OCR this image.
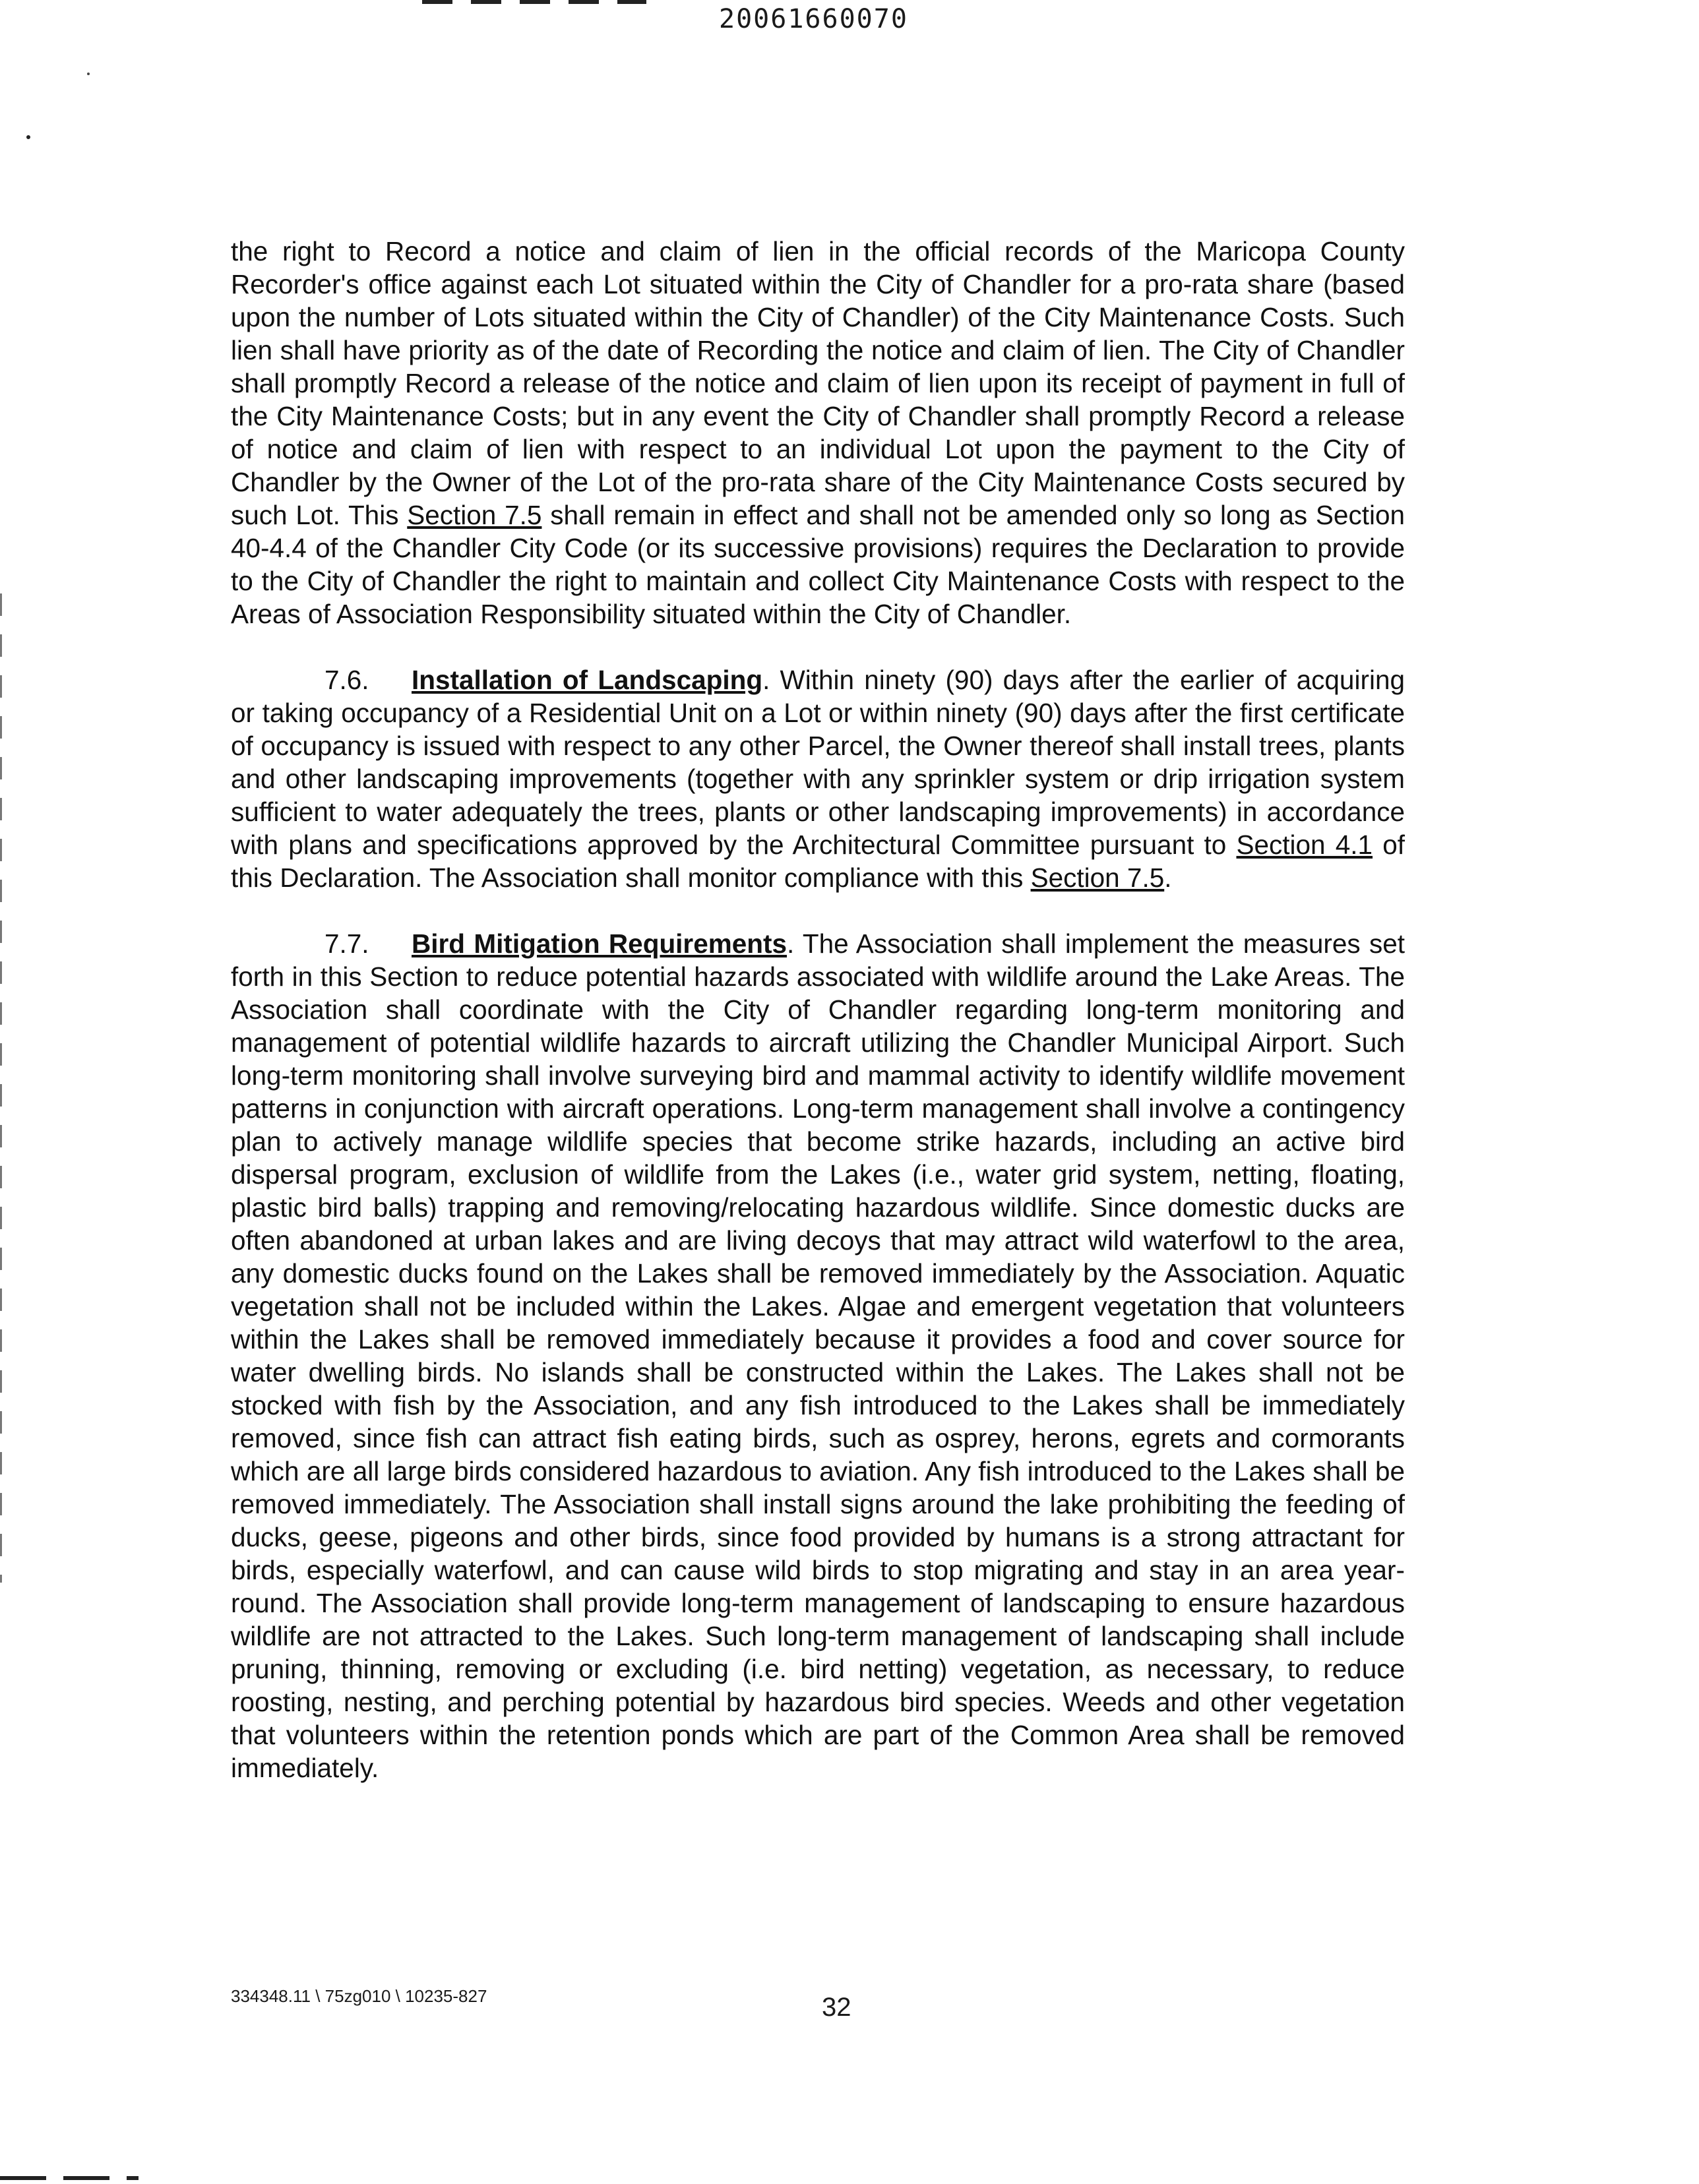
20061660070

the right to Record a notice and claim of lien in the official records of the Maricopa County Recorder's office against each Lot situated within the City of Chandler for a pro-rata share (based upon the number of Lots situated within the City of Chandler) of the City Maintenance Costs. Such lien shall have priority as of the date of Recording the notice and claim of lien. The City of Chandler shall promptly Record a release of the notice and claim of lien upon its receipt of payment in full of the City Maintenance Costs; but in any event the City of Chandler shall promptly Record a release of notice and claim of lien with respect to an individual Lot upon the payment to the City of Chandler by the Owner of the Lot of the pro-rata share of the City Maintenance Costs secured by such Lot. This Section 7.5 shall remain in effect and shall not be amended only so long as Section 40-4.4 of the Chandler City Code (or its successive provisions) requires the Declaration to provide to the City of Chandler the right to maintain and collect City Maintenance Costs with respect to the Areas of Association Responsibility situated within the City of Chandler.

7.6. Installation of Landscaping. Within ninety (90) days after the earlier of acquiring or taking occupancy of a Residential Unit on a Lot or within ninety (90) days after the first certificate of occupancy is issued with respect to any other Parcel, the Owner thereof shall install trees, plants and other landscaping improvements (together with any sprinkler system or drip irrigation system sufficient to water adequately the trees, plants or other landscaping improvements) in accordance with plans and specifications approved by the Architectural Committee pursuant to Section 4.1 of this Declaration. The Association shall monitor compliance with this Section 7.5.

7.7. Bird Mitigation Requirements. The Association shall implement the measures set forth in this Section to reduce potential hazards associated with wildlife around the Lake Areas. The Association shall coordinate with the City of Chandler regarding long-term monitoring and management of potential wildlife hazards to aircraft utilizing the Chandler Municipal Airport. Such long-term monitoring shall involve surveying bird and mammal activity to identify wildlife movement patterns in conjunction with aircraft operations. Long-term management shall involve a contingency plan to actively manage wildlife species that become strike hazards, including an active bird dispersal program, exclusion of wildlife from the Lakes (i.e., water grid system, netting, floating, plastic bird balls) trapping and removing/relocating hazardous wildlife. Since domestic ducks are often abandoned at urban lakes and are living decoys that may attract wild waterfowl to the area, any domestic ducks found on the Lakes shall be removed immediately by the Association. Aquatic vegetation shall not be included within the Lakes. Algae and emergent vegetation that volunteers within the Lakes shall be removed immediately because it provides a food and cover source for water dwelling birds. No islands shall be constructed within the Lakes. The Lakes shall not be stocked with fish by the Association, and any fish introduced to the Lakes shall be immediately removed, since fish can attract fish eating birds, such as osprey, herons, egrets and cormorants which are all large birds considered hazardous to aviation. Any fish introduced to the Lakes shall be removed immediately. The Association shall install signs around the lake prohibiting the feeding of ducks, geese, pigeons and other birds, since food provided by humans is a strong attractant for birds, especially waterfowl, and can cause wild birds to stop migrating and stay in an area year-round. The Association shall provide long-term management of landscaping to ensure hazardous wildlife are not attracted to the Lakes. Such long-term management of landscaping shall include pruning, thinning, removing or excluding (i.e. bird netting) vegetation, as necessary, to reduce roosting, nesting, and perching potential by hazardous bird species. Weeds and other vegetation that volunteers within the retention ponds which are part of the Common Area shall be removed immediately.

334348.11 \ 75zg010 \ 10235-827	32
